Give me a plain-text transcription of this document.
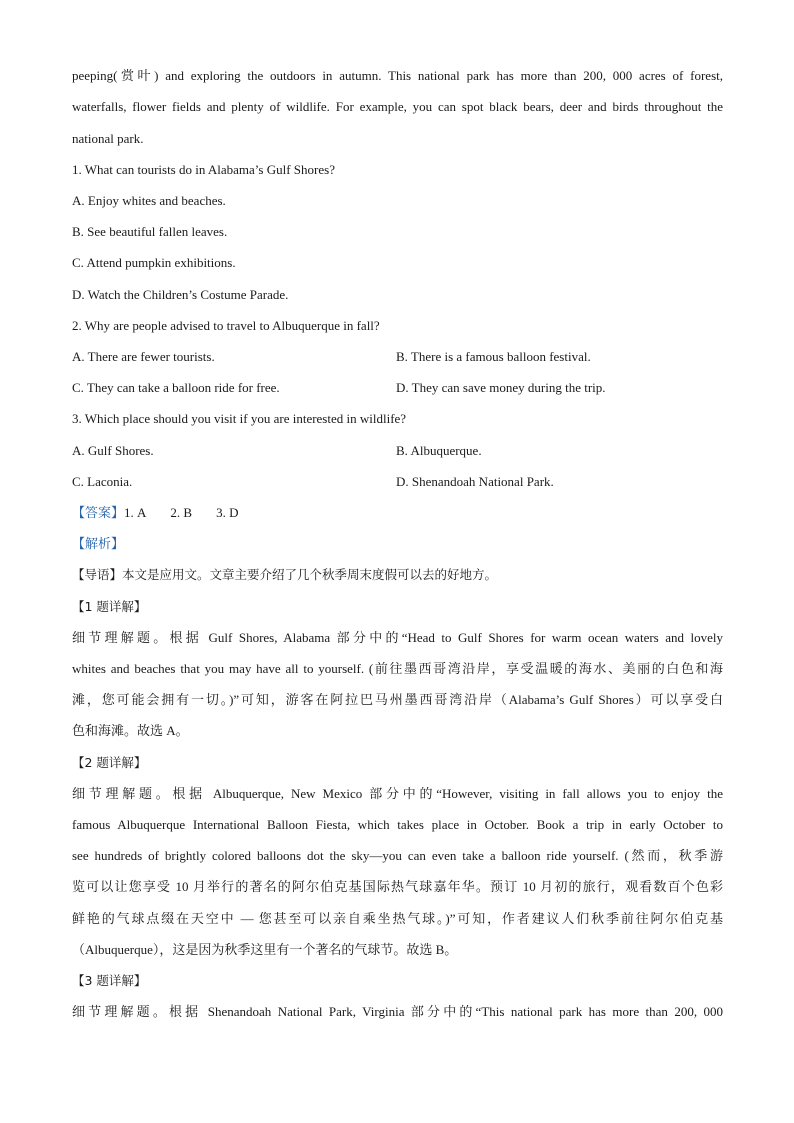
peeping(赏叶) and exploring the outdoors in autumn. This national park has more than 200, 000 acres of forest,
waterfalls, flower fields and plenty of wildlife. For example, you can spot black bears, deer and birds throughout the
national park.
1. What can tourists do in Alabama’s Gulf Shores?
A. Enjoy whites and beaches.
B. See beautiful fallen leaves.
C. Attend pumpkin exhibitions.
D. Watch the Children’s Costume Parade.
2. Why are people advised to travel to Albuquerque in fall?
A. There are fewer tourists.	B. There is a famous balloon festival.
C. They can take a balloon ride for free.	D. They can save money during the trip.
3. Which place should you visit if you are interested in wildlife?
A. Gulf Shores.	B. Albuquerque.
C. Laconia.	D. Shenandoah National Park.
【答案】1. A 2. B 3. D
【解析】
【导语】本文是应用文。文章主要介绍了几个秋季周末度假可以去的好地方。
【1 题详解】
细节理解题。根据 Gulf Shores, Alabama 部分中的“Head to Gulf Shores for warm ocean waters and lovely
whites and beaches that you may have all to yourself. (前往墨西哥湾沿岸，享受温暖的海水、美丽的白色和海
滩，您可能会拥有一切。)”可知，游客在阿拉巴马州墨西哥湾沿岸（Alabama’s Gulf Shores）可以享受白
色和海滩。故选 A。
【2 题详解】
细节理解题。根据 Albuquerque, New Mexico 部分中的“However, visiting in fall allows you to enjoy the
famous Albuquerque International Balloon Fiesta, which takes place in October. Book a trip in early October to
see hundreds of brightly colored balloons dot the sky—you can even take a balloon ride yourself. (然而，秋季游
览可以让您享受 10 月举行的著名的阿尔伯克基国际热气球嘉年华。预订 10 月初的旅行，观看数百个色彩
鲜艳的气球点缀在天空中 — 您甚至可以亲自乘坐热气球。)”可知，作者建议人们秋季前往阿尔伯克基
（Albuquerque），这是因为秋季这里有一个著名的气球节。故选 B。
【3 题详解】
细节理解题。根据 Shenandoah National Park, Virginia 部分中的“This national park has more than 200, 000
